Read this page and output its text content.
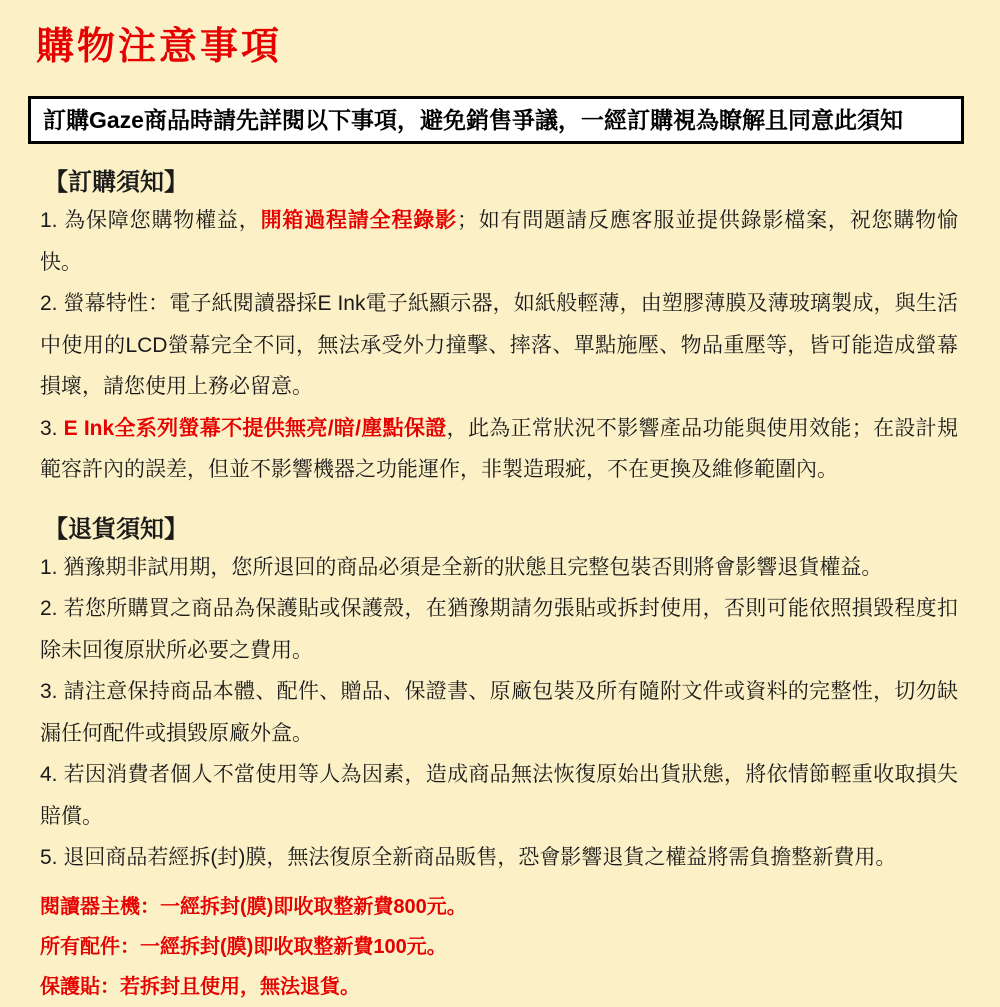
購物注意事項
訂購Gaze商品時請先詳閱以下事項，避免銷售爭議，一經訂購視為瞭解且同意此須知
【訂購須知】

1. 為保障您購物權益，開箱過程請全程錄影；如有問題請反應客服並提供錄影檔案，祝您購物愉快。

2. 螢幕特性：電子紙閱讀器採E Ink電子紙顯示器，如紙般輕薄，由塑膠薄膜及薄玻璃製成，與生活中使用的LCD螢幕完全不同，無法承受外力撞擊、摔落、單點施壓、物品重壓等，皆可能造成螢幕損壞，請您使用上務必留意。

3. E Ink全系列螢幕不提供無亮/暗/塵點保證，此為正常狀況不影響產品功能與使用效能；在設計規範容許內的誤差，但並不影響機器之功能運作，非製造瑕疵，不在更換及維修範圍內。

【退貨須知】

1. 猶豫期非試用期，您所退回的商品必須是全新的狀態且完整包裝否則將會影響退貨權益。

2. 若您所購買之商品為保護貼或保護殼，在猶豫期請勿張貼或拆封使用，否則可能依照損毀程度扣除未回復原狀所必要之費用。

3. 請注意保持商品本體、配件、贈品、保證書、原廠包裝及所有隨附文件或資料的完整性，切勿缺漏任何配件或損毀原廠外盒。

4. 若因消費者個人不當使用等人為因素，造成商品無法恢復原始出貨狀態，將依情節輕重收取損失賠償。

5. 退回商品若經拆(封)膜，無法復原全新商品販售，恐會影響退貨之權益將需負擔整新費用。

閱讀器主機：一經拆封(膜)即收取整新費800元。

所有配件：一經拆封(膜)即收取整新費100元。

保護貼：若拆封且使用，無法退貨。
